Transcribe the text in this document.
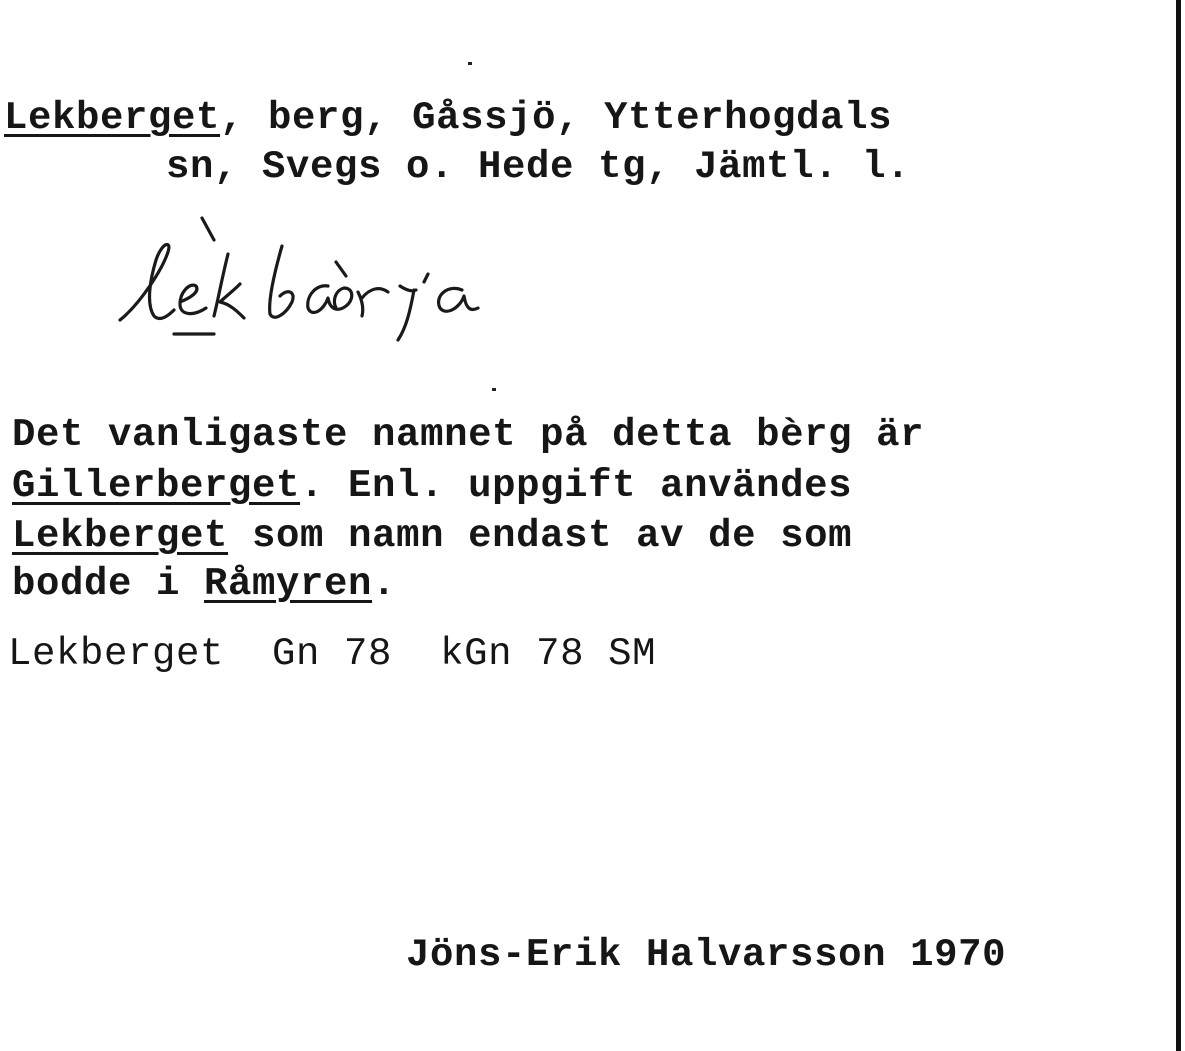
Lekberget, berg, Gåssjö, Ytterhogdals
sn, Svegs o. Hede tg, Jämtl. l.
Det vanligaste namnet på detta bèrg är
Gillerberget. Enl. uppgift användes
Lekberget som namn endast av de som
bodde i Råmyren.
Lekberget  Gn 78  kGn 78 SM
Jöns-Erik Halvarsson 1970
